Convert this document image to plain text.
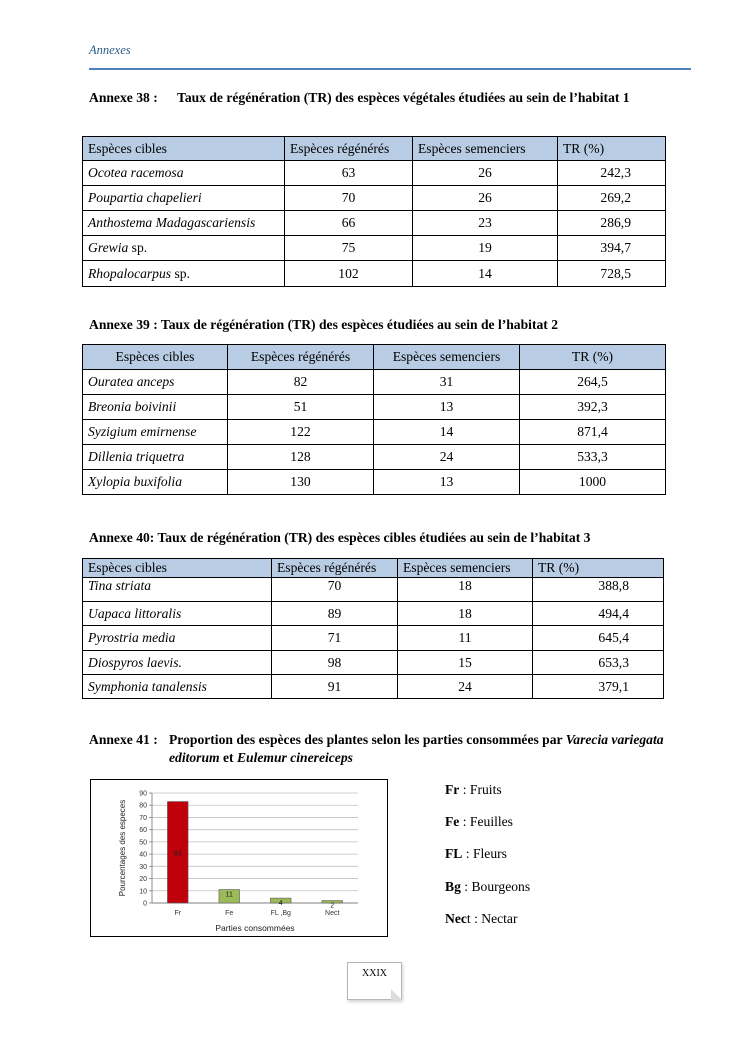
Annexes
Annexe 38 :	Taux de régénération (TR) des espèces végétales étudiées au sein de l’habitat 1
Espèces cibles	Espèces régénérés	Espèces semenciers	TR (%)
Ocotea racemosa	63	26	242,3
Poupartia chapelieri	70	26	269,2
Anthostema Madagascariensis	66	23	286,9
Grewia sp.	75	19	394,7
Rhopalocarpus sp.	102	14	728,5
Annexe 39 : Taux de régénération (TR) des espèces étudiées au sein de l’habitat 2
Espèces cibles	Espèces régénérés	Espèces semenciers	TR (%)
Ouratea anceps	82	31	264,5
Breonia boivinii	51	13	392,3
Syzigium emirnense	122	14	871,4
Dillenia triquetra	128	24	533,3
Xylopia buxifolia	130	13	1000
Annexe 40: Taux de régénération (TR) des espèces cibles étudiées au sein de l’habitat 3
Espèces cibles	Espèces régénérés	Espèces semenciers	TR (%)
Tina striata	70	18	388,8
Uapaca littoralis	89	18	494,4
Pyrostria media	71	11	645,4
Diospyros laevis.	98	15	653,3
Symphonia tanalensis	91	24	379,1
Annexe 41 : Proportion des espèces des plantes selon les parties consommées par Varecia variegata editorum et Eulemur cinereiceps
0
10
20
30
40
50
60
70
80
90
83
Fr
11
Fe
4
FL ,Bg
2
Nect
Parties consommées
Pourcentages des especes
Fr : Fruits
Fe : Feuilles
FL : Fleurs
Bg : Bourgeons
Nect : Nectar
XXIX
